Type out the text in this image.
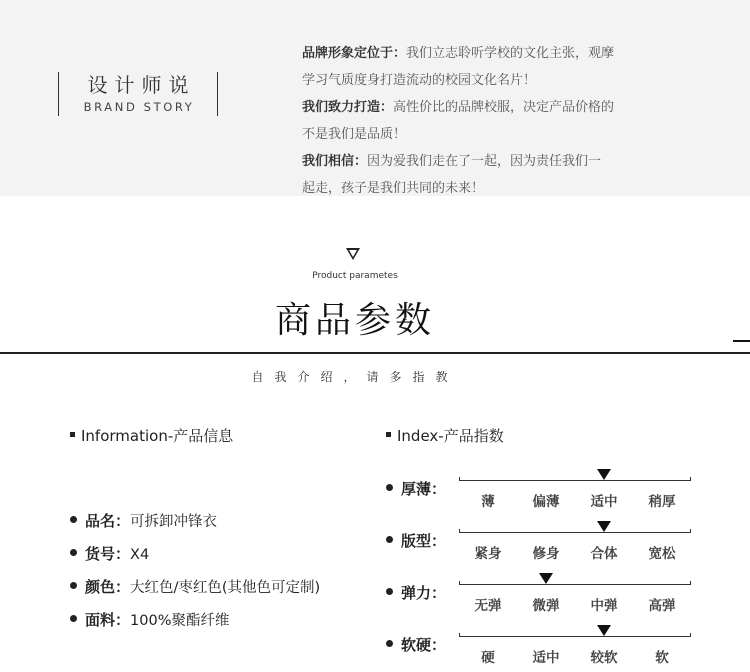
设计师说
BRAND STORY
品牌形象定位于：我们立志聆听学校的文化主张，观摩
学习气质度身打造流动的校园文化名片！
我们致力打造：高性价比的品牌校服，决定产品价格的
不是我们是品质！
我们相信：因为爱我们走在了一起，因为责任我们一
起走，孩子是我们共同的未来！
Product parametes
商品参数
自我介绍，请多指教
Information-产品信息
品名：可拆卸冲锋衣
货号：X4
颜色：大红色/枣红色(其他色可定制)
面料：100%聚酯纤维
Index-产品指数
厚薄：
薄	偏薄	适中	稍厚
版型：
紧身	修身	合体	宽松
弹力：
无弹	微弹	中弹	高弹
软硬：
硬	适中	较软	软
